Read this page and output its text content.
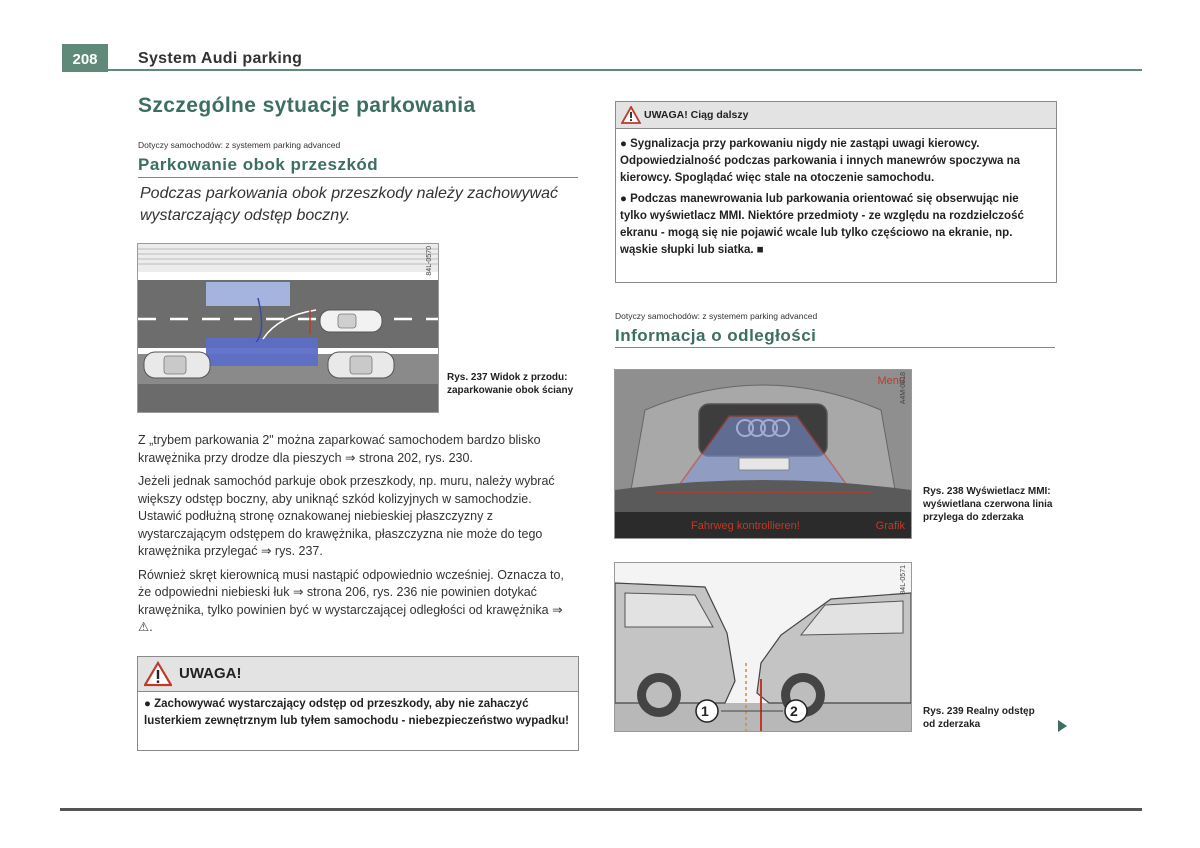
208	System Audi parking
Szczególne sytuacje parkowania
Dotyczy samochodów: z systemem parking advanced
Parkowanie obok przeszkód
Podczas parkowania obok przeszkody należy zachowywać wystarczający odstęp boczny.
84L-0570
Rys. 237 Widok z przodu: zaparkowanie obok ściany

Z „trybem parkowania 2" można zaparkować samochodem bardzo blisko krawężnika przy drodze dla pieszych ⇒ strona 202, rys. 230.

Jeżeli jednak samochód parkuje obok przeszkody, np. muru, należy wybrać większy odstęp boczny, aby uniknąć szkód kolizyjnych w samochodzie. Ustawić podłużną stronę oznakowanej niebieskiej płaszczyzny z wystarczającym odstępem do krawężnika, płaszczyzna nie może do tego krawężnika przylegać ⇒ rys. 237.

Również skręt kierownicą musi nastąpić odpowiednio wcześniej. Oznacza to, że odpowiedni niebieski łuk ⇒ strona 206, rys. 236 nie powinien dotykać krawężnika, tylko powinien być w wystarczającej odległości od krawężnika ⇒ ⚠.

UWAGA!
● Zachowywać wystarczający odstęp od przeszkody, aby nie zahaczyć lusterkiem zewnętrznym lub tyłem samochodu - niebezpieczeństwo wypadku!
UWAGA! Ciąg dalszy

● Sygnalizacja przy parkowaniu nigdy nie zastąpi uwagi kierowcy. Odpowiedzialność podczas parkowania i innych manewrów spoczywa na kierowcy. Spoglądać więc stale na otoczenie samochodu.

● Podczas manewrowania lub parkowania orientować się obserwując nie tylko wyświetlacz MMI. Niektóre przedmioty - ze względu na rozdzielczość ekranu - mogą się nie pojawić wcale lub tylko częściowo na ekranie, np. wąskie słupki lub siatka. ■

Dotyczy samochodów: z systemem parking advanced
Informacja o odległości
Menu
Fahrweg kontrollieren!	Grafik
A4M-0818
Rys. 238 Wyświetlacz MMI: wyświetlana czerwona linia przylega do zderzaka
1	2
84L-0571
Rys. 239 Realny odstęp od zderzaka
